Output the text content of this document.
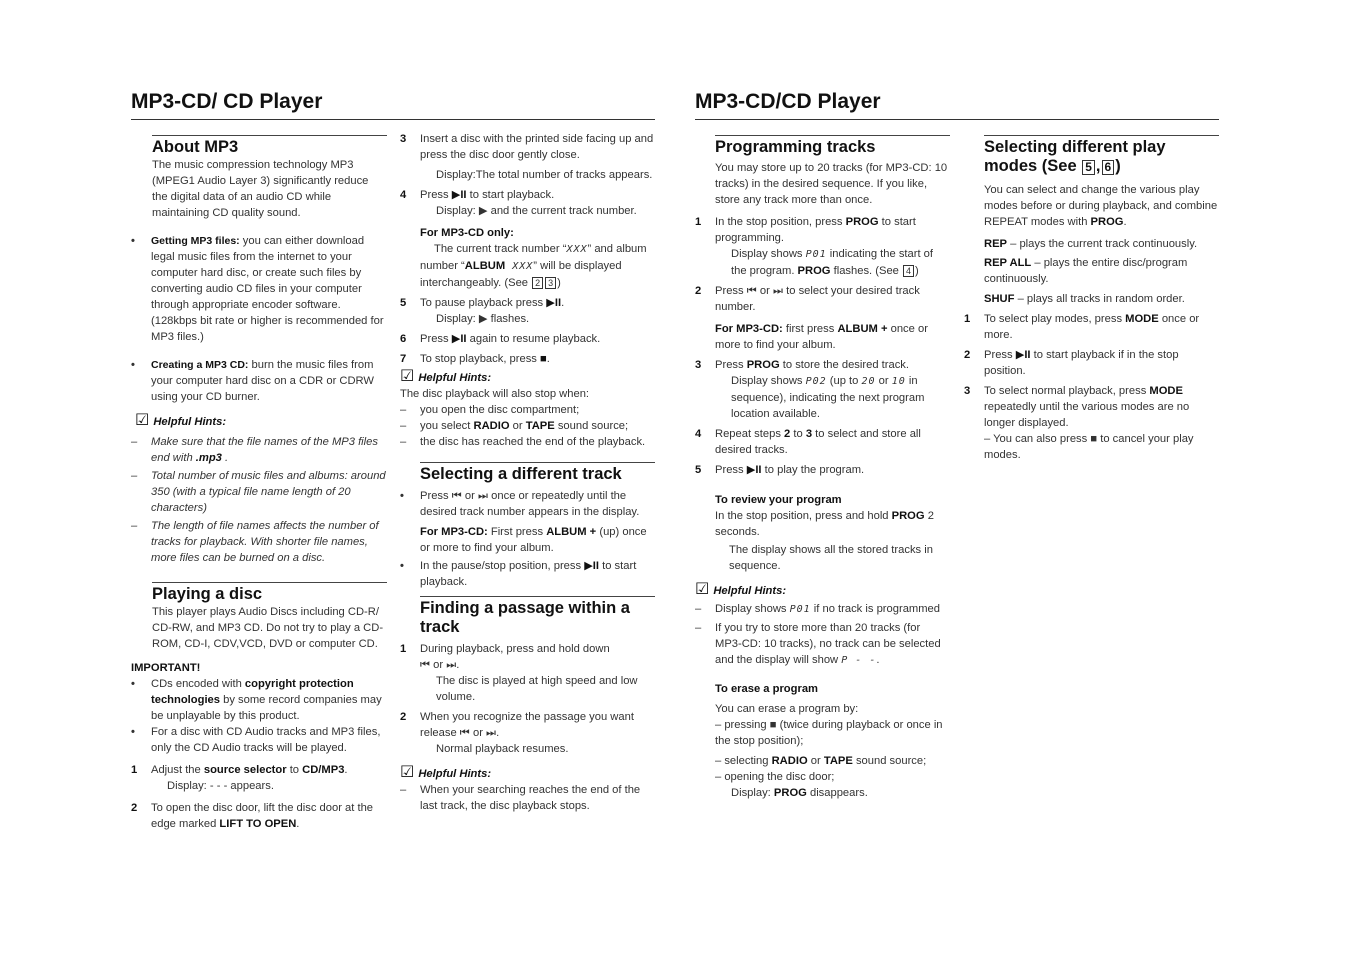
MP3-CD/ CD Player	MP3-CD/CD Player
About MP3

The music compression technology MP3 (MPEG1 Audio Layer 3) significantly reduce the digital data of an audio CD while maintaining CD quality sound.

• Getting MP3 files: you can either download legal music files from the internet to your computer hard disc, or create such files by converting audio CD files in your computer through appropriate encoder software. (128kbps bit rate or higher is recommended for MP3 files.)
• Creating a MP3 CD: burn the music files from your computer hard disc on a CDR or CDRW using your CD burner.
☑ Helpful Hints:
– Make sure that the file names of the MP3 files end with .mp3 .
– Total number of music files and albums: around 350 (with a typical file name length of 20 characters)
– The length of file names affects the number of tracks for playback. With shorter file names, more files can be burned on a disc.
Playing a disc

This player plays Audio Discs including CD-R/ CD-RW, and MP3 CD. Do not try to play a CD-ROM, CD-I, CDV,VCD, DVD or computer CD.

IMPORTANT!
• CDs encoded with copyright protection technologies by some record companies may be unplayable by this product.
• For a disc with CD Audio tracks and MP3 files, only the CD Audio tracks will be played.
1 Adjust the source selector to CD/MP3.
Display: - - - appears.
2 To open the disc door, lift the disc door at the edge marked LIFT TO OPEN.
3 Insert a disc with the printed side facing up and press the disc door gently close.
Display:The total number of tracks appears.
4 Press ▶II to start playback.
Display: ▶ and the current track number.
For MP3-CD only:
The current track number “XXX” and album number “ALBUM XXX” will be displayed interchangeably. (See 2 3 )
5 To pause playback press ▶II.
Display: ▶ flashes.
6 Press ▶II again to resume playback.
7 To stop playback, press ■.
☑ Helpful Hints:
The disc playback will also stop when:
– you open the disc compartment;
– you select RADIO or TAPE sound source;
– the disc has reached the end of the playback.
Selecting a different track
• Press ⏮ or ⏭ once or repeatedly until the desired track number appears in the display.
For MP3-CD: First press ALBUM + (up) once or more to find your album.
• In the pause/stop position, press ▶II to start playback.
Finding a passage within a track
1 During playback, press and hold down
⏮ or ⏭.
The disc is played at high speed and low volume.
2 When you recognize the passage you want release ⏮ or ⏭.
Normal playback resumes.
☑ Helpful Hints:
– When your searching reaches the end of the last track, the disc playback stops.
Programming tracks

You may store up to 20 tracks (for MP3-CD: 10 tracks) in the desired sequence. If you like, store any track more than once.

1 In the stop position, press PROG to start programming.
Display shows P01 indicating the start of the program. PROG flashes. (See 4 )
2 Press ⏮ or ⏭ to select your desired track number.
For MP3-CD: first press ALBUM + once or more to find your album.
3 Press PROG to store the desired track.
Display shows P02 (up to 20 or 10 in sequence), indicating the next program location available.
4 Repeat steps 2 to 3 to select and store all desired tracks.
5 Press ▶II to play the program.
To review your program
In the stop position, press and hold PROG 2 seconds.
The display shows all the stored tracks in sequence.
☑ Helpful Hints:
– Display shows P01 if no track is programmed
– If you try to store more than 20 tracks (for MP3-CD: 10 tracks), no track can be selected and the display will show P - -.
To erase a program
You can erase a program by:
– pressing ■ (twice during playback or once in the stop position);
– selecting RADIO or TAPE sound source;
– opening the disc door;
Display: PROG disappears.
Selecting different play modes (See 5 , 6 )

You can select and change the various play modes before or during playback, and combine REPEAT modes with PROG.

REP – plays the current track continuously.

REP ALL – plays the entire disc/program continuously.

SHUF – plays all tracks in random order.

1 To select play modes, press MODE once or more.
2 Press ▶II to start playback if in the stop position.
3 To select normal playback, press MODE repeatedly until the various modes are no longer displayed.
– You can also press ■ to cancel your play modes.
